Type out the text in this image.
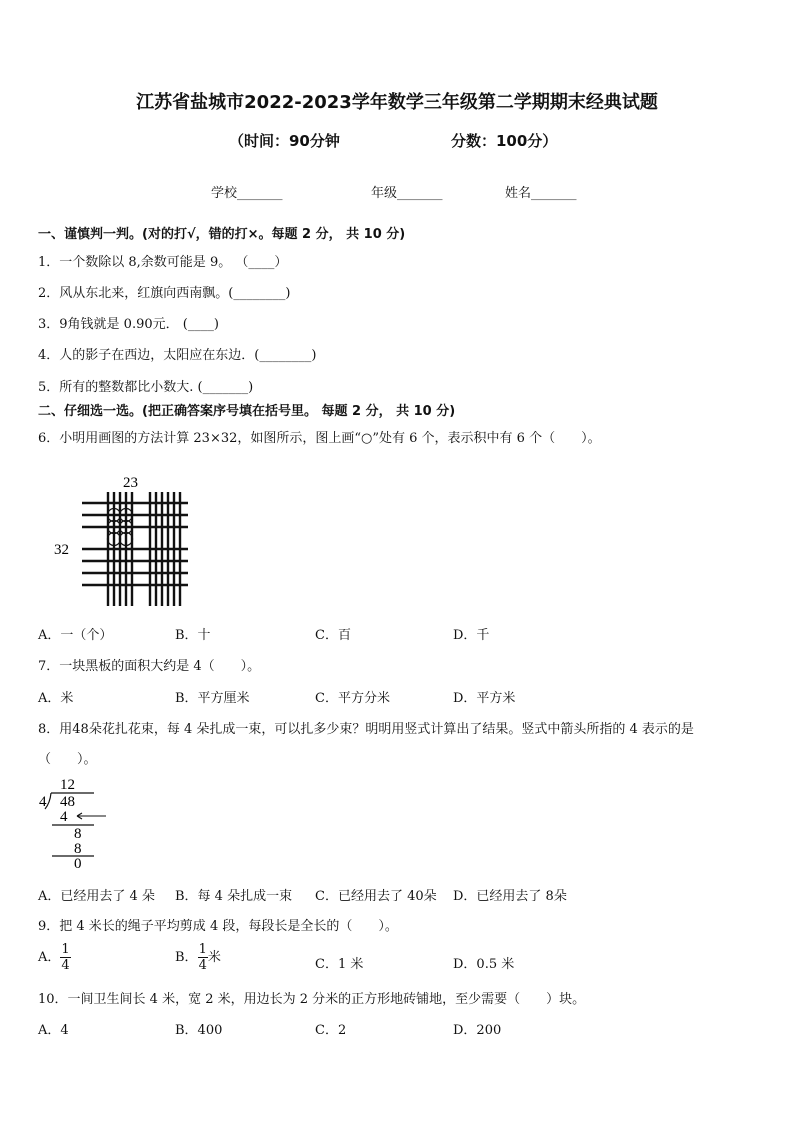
江苏省盐城市2022-2023学年数学三年级第二学期期末经典试题
（时间：90分钟	分数：100分）
学校_______	年级_______	姓名_______
一、谨慎判一判。(对的打√，错的打×。每题 2 分， 共 10 分)
1．一个数除以 8,余数可能是 9。 （____）
2．风从东北来，红旗向西南飘。(________)
3．9角钱就是 0.90元． (____)
4．人的影子在西边，太阳应在东边．(________)
5．所有的整数都比小数大. (_______)
二、仔细选一选。(把正确答案序号填在括号里。 每题 2 分， 共 10 分)
6．小明用画图的方法计算 23×32，如图所示，图上画“○”处有 6 个，表示积中有 6 个（　　）。
23
32
A．一（个）	B．十	C．百	D．千
7．一块黑板的面积大约是 4（　　）。
A．米	B．平方厘米	C．平方分米	D．平方米
8．用48朵花扎花束，每 4 朵扎成一束，可以扎多少束？明明用竖式计算出了结果。竖式中箭头所指的 4 表示的是
（　　）。
12
4 48
4
8
8
0
A．已经用去了 4 朵 B．每 4 朵扎成一束 C．已经用去了 40朵 D．已经用去了 8朵
9．把 4 米长的绳子平均剪成 4 段，每段长是全长的（　　）。
A． $\frac{1}{4}$	B． $\frac{1}{4}$ 米	C．1 米	D．0.5 米
10．一间卫生间长 4 米，宽 2 米，用边长为 2 分米的正方形地砖铺地，至少需要（　　）块。
A．4	B．400	C．2	D．200
